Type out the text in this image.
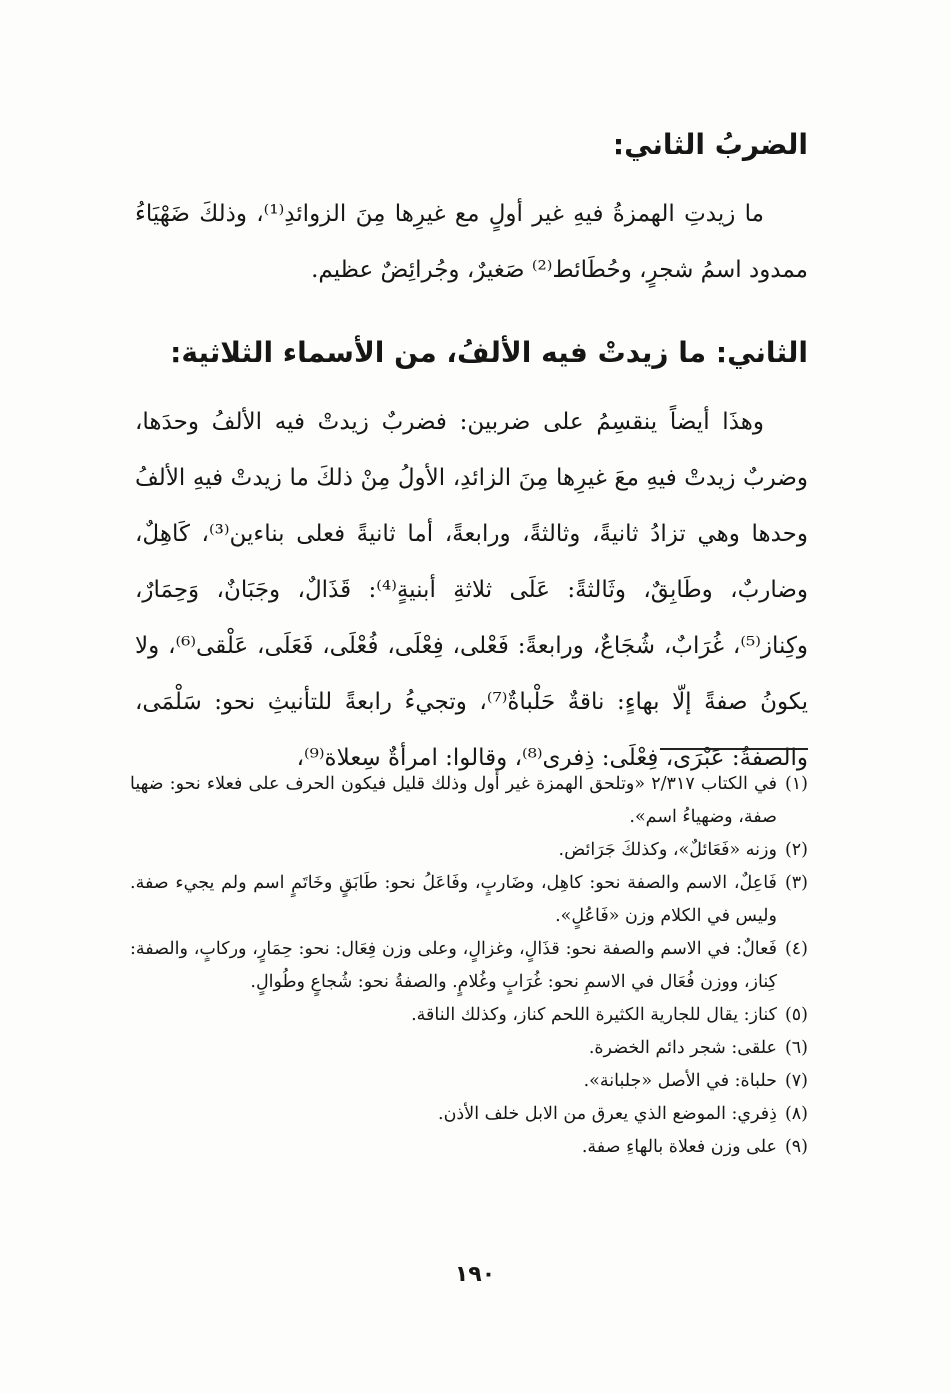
الضربُ الثاني:

ما زيدتِ الهمزةُ فيهِ غير أولٍ مع غيرِها مِنَ الزوائدِ⁽¹⁾، وذلكَ ضَهْيَاءُ ممدود اسمُ شجرٍ، وحُطَائط⁽²⁾ صَغيرٌ، وجُرائِضٌ عظيم.

الثاني: ما زيدتْ فيه الألفُ، من الأسماء الثلاثية:

وهذَا أيضاً ينقسِمُ على ضربين: فضربٌ زيدتْ فيه الألفُ وحدَها، وضربٌ زيدتْ فيهِ معَ غيرِها مِنَ الزائدِ، الأولُ مِنْ ذلكَ ما زيدتْ فيهِ الألفُ وحدها وهي تزادُ ثانيةً، وثالثةً، ورابعةً، أما ثانيةً فعلى بناءين⁽³⁾، كَاهِلٌ، وضاربٌ، وطَابِقٌ، وثَالثةً: عَلَى ثلاثةِ أبنيةٍ⁽⁴⁾: قَذَالٌ، وجَبَانٌ، وَحِمَارٌ، وكِناز⁽⁵⁾، غُرَابٌ، شُجَاعٌ، ورابعةً: فَعْلى، فِعْلَى، فُعْلَى، فَعَلَى، عَلْقى⁽⁶⁾، ولا يكونُ صفةً إلّا بهاءٍ: ناقةٌ حَلْباةٌ⁽⁷⁾، وتجيءُ رابعةً للتأنيثِ نحو: سَلْمَى، والصفةُ: عَبْرَى، فِعْلَى: ذِفرى⁽⁸⁾، وقالوا: امرأةٌ سِعلاة⁽⁹⁾،

(١)
في الكتاب ٢/٣١٧ «وتلحق الهمزة غير أول وذلك قليل فيكون الحرف على فعلاء نحو: ضهيا صفة، وضهياءُ اسم».
(٢)
وزنه «فَعَائلٌ»، وكذلكَ جَرَائض.
(٣)
فَاعِلٌ، الاسم والصفة نحو: كاهِل، وضَاربٍ، وفَاعَلُ نحو: طَابَقٍ وخَاتَمٍ اسم ولم يجيء صفة. وليس في الكلام وزن «فَاعُلٍ».
(٤)
فَعالٌ: في الاسم والصفة نحو: قذَالٍ، وغزالٍ، وعلى وزن فِعَال: نحو: حِمَارٍ، وركابٍ، والصفة: كِناز، ووزن فُعَال في الاسمِ نحو: غُرَابٍ وغُلامٍ. والصفةُ نحو: شُجاعٍ وطُوالٍ.
(٥)
كناز: يقال للجارية الكثيرة اللحم كناز، وكذلك الناقة.
(٦)
علقى: شجر دائم الخضرة.
(٧)
حلباة: في الأصل «جلبانة».
(٨)
ذِفري: الموضع الذي يعرق من الابل خلف الأذن.
(٩)
على وزن فعلاة بالهاءِ صفة.
١٩٠
